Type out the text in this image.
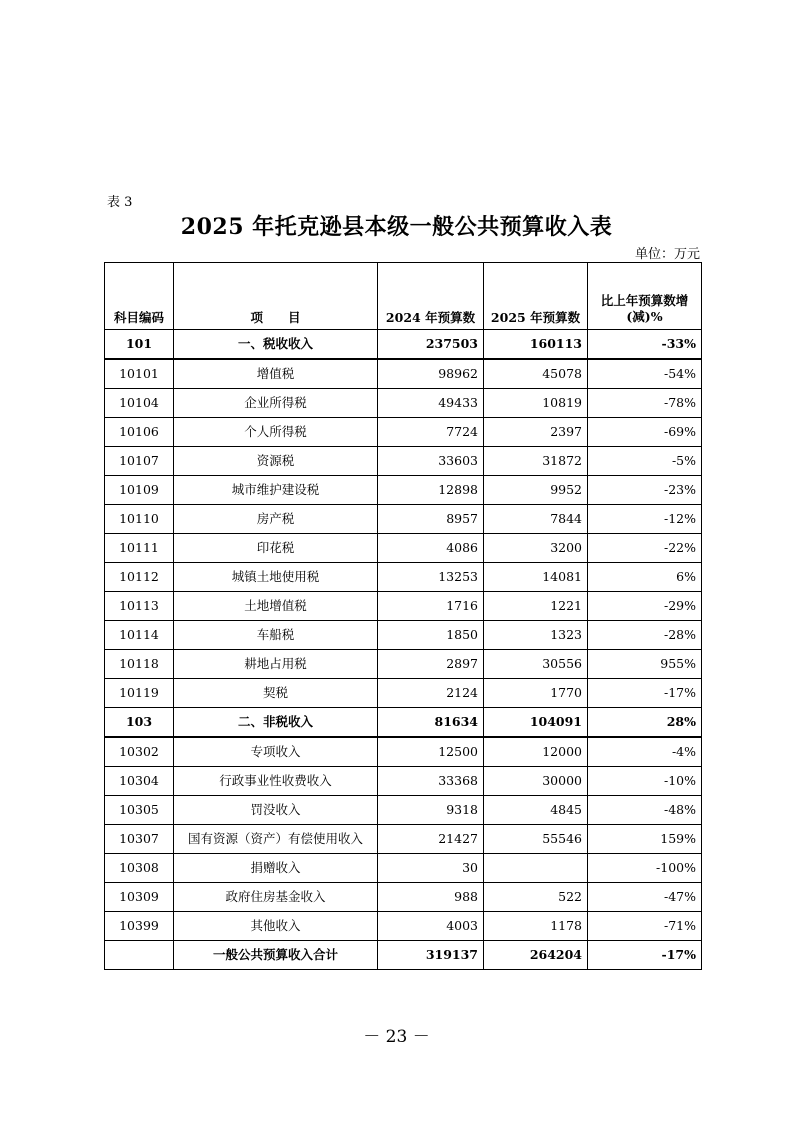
表 3
2025 年托克逊县本级一般公共预算收入表
单位：万元
科目编码	项　　目	2024 年预算数	2025 年预算数	比上年预算数增(减)%
101	一、税收收入	237503	160113	-33%
10101	增值税	98962	45078	-54%
10104	企业所得税	49433	10819	-78%
10106	个人所得税	7724	2397	-69%
10107	资源税	33603	31872	-5%
10109	城市维护建设税	12898	9952	-23%
10110	房产税	8957	7844	-12%
10111	印花税	4086	3200	-22%
10112	城镇土地使用税	13253	14081	6%
10113	土地增值税	1716	1221	-29%
10114	车船税	1850	1323	-28%
10118	耕地占用税	2897	30556	955%
10119	契税	2124	1770	-17%
103	二、非税收入	81634	104091	28%
10302	专项收入	12500	12000	-4%
10304	行政事业性收费收入	33368	30000	-10%
10305	罚没收入	9318	4845	-48%
10307	国有资源（资产）有偿使用收入	21427	55546	159%
10308	捐赠收入	30		-100%
10309	政府住房基金收入	988	522	-47%
10399	其他收入	4003	1178	-71%
	一般公共预算收入合计	319137	264204	-17%
－ 23 －
